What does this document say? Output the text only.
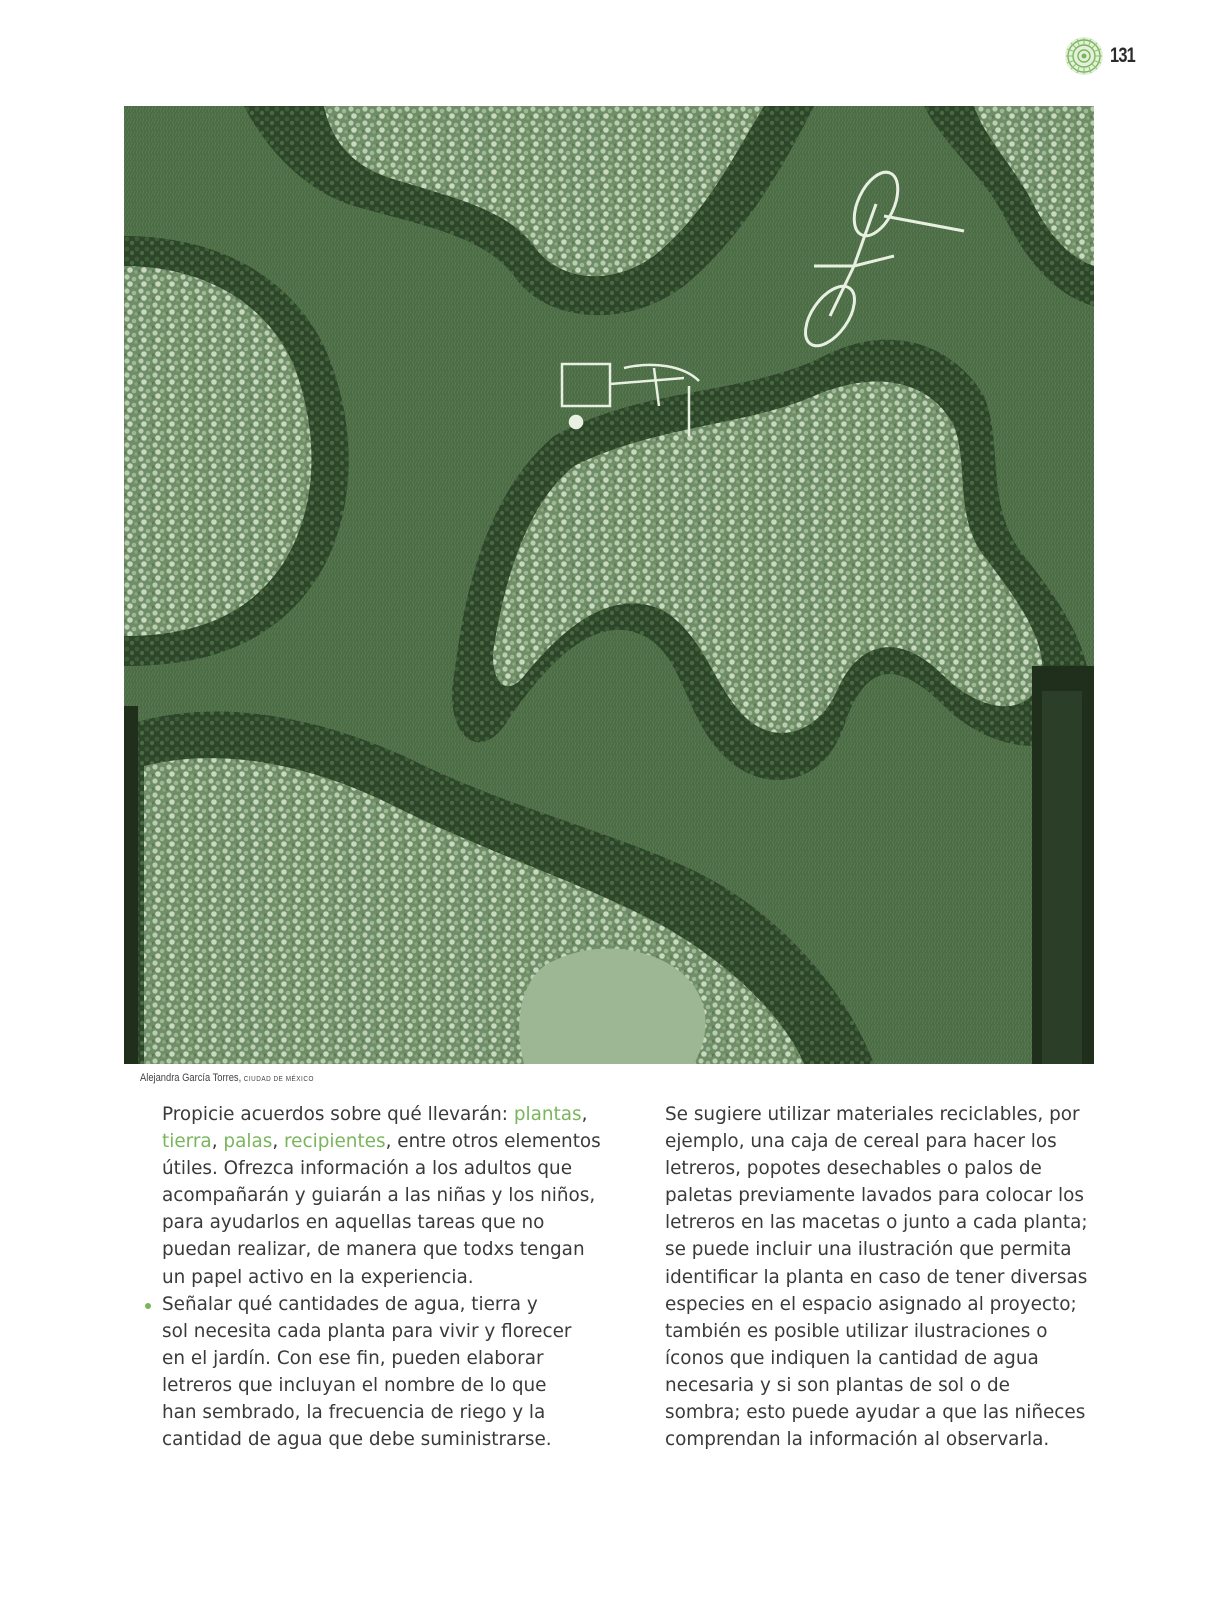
131
Alejandra García Torres, CIUDAD DE MÉXICO

Propicie acuerdos sobre qué llevarán: plantas,
tierra, palas, recipientes, entre otros elementos
útiles. Ofrezca información a los adultos que
acompañarán y guiarán a las niñas y los niños,
para ayudarlos en aquellas tareas que no
puedan realizar, de manera que todxs tengan
un papel activo en la experiencia.

Señalar qué cantidades de agua, tierra y
sol necesita cada planta para vivir y florecer
en el jardín. Con ese fin, pueden elaborar
letreros que incluyan el nombre de lo que
han sembrado, la frecuencia de riego y la
cantidad de agua que debe suministrarse.

Se sugiere utilizar materiales reciclables, por
ejemplo, una caja de cereal para hacer los
letreros, popotes desechables o palos de
paletas previamente lavados para colocar los
letreros en las macetas o junto a cada planta;
se puede incluir una ilustración que permita
identificar la planta en caso de tener diversas
especies en el espacio asignado al proyecto;
también es posible utilizar ilustraciones o
íconos que indiquen la cantidad de agua
necesaria y si son plantas de sol o de
sombra; esto puede ayudar a que las niñeces
comprendan la información al observarla.
